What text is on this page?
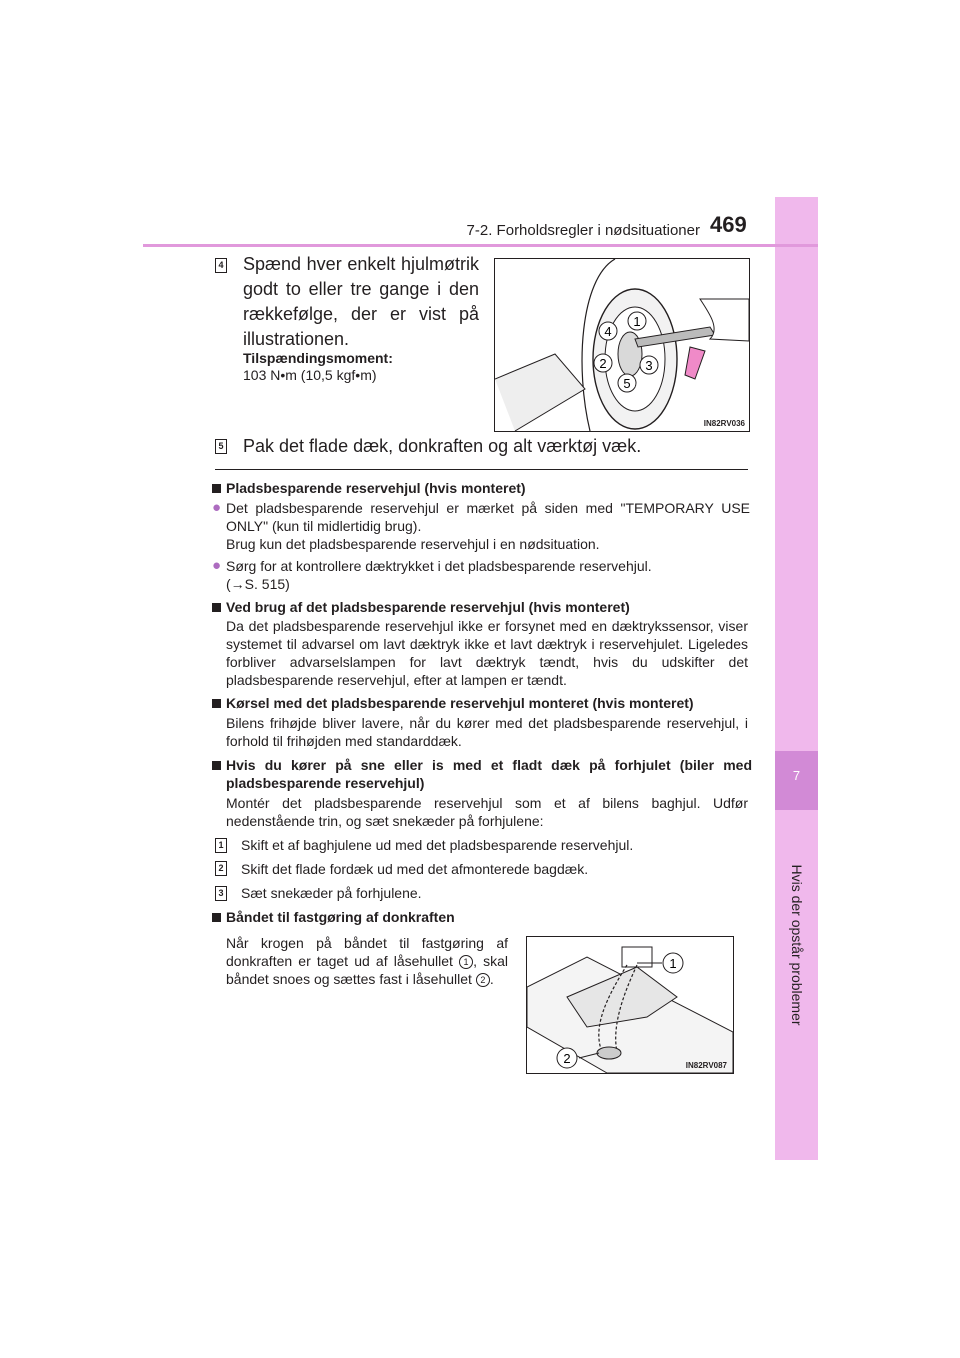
7
Hvis der opstår problemer
7-2. Forholdsregler i nødsituationer 469
4 Spænd hver enkelt hjulmøtrik godt to eller tre gange i den rækkefølge, der er vist på illustrationen.
Tilspændingsmoment:
103 N•m (10,5 kgf•m)
4
1
2	3
5
IN82RV036
5 Pak det flade dæk, donkraften og alt værktøj væk.
Pladsbesparende reservehjul (hvis monteret)
● Det pladsbesparende reservehjul er mærket på siden med "TEMPORARY USE ONLY" (kun til midlertidig brug).
Brug kun det pladsbesparende reservehjul i en nødsituation.
● Sørg for at kontrollere dæktrykket i det pladsbesparende reservehjul.
(→S. 515)
Ved brug af det pladsbesparende reservehjul (hvis monteret)
Da det pladsbesparende reservehjul ikke er forsynet med en dæktrykssensor, viser systemet til advarsel om lavt dæktryk ikke et lavt dæktryk i reservehjulet. Ligeledes forbliver advarselslampen for lavt dæktryk tændt, hvis du udskifter det pladsbesparende reservehjul, efter at lampen er tændt.
Kørsel med det pladsbesparende reservehjul monteret (hvis monteret)
Bilens frihøjde bliver lavere, når du kører med det pladsbesparende reservehjul, i forhold til frihøjden med standarddæk.
Hvis du kører på sne eller is med et fladt dæk på forhjulet (biler med pladsbesparende reservehjul)
Montér det pladsbesparende reservehjul som et af bilens baghjul. Udfør nedenstående trin, og sæt snekæder på forhjulene:
1 Skift et af baghjulene ud med det pladsbesparende reservehjul.
2 Skift det flade fordæk ud med det afmonterede bagdæk.
3 Sæt snekæder på forhjulene.
Båndet til fastgøring af donkraften
Når krogen på båndet til fastgøring af donkraften er taget ud af låsehullet 1 , skal båndet snoes og sættes fast i låsehullet 2 .
1
2	IN82RV087
